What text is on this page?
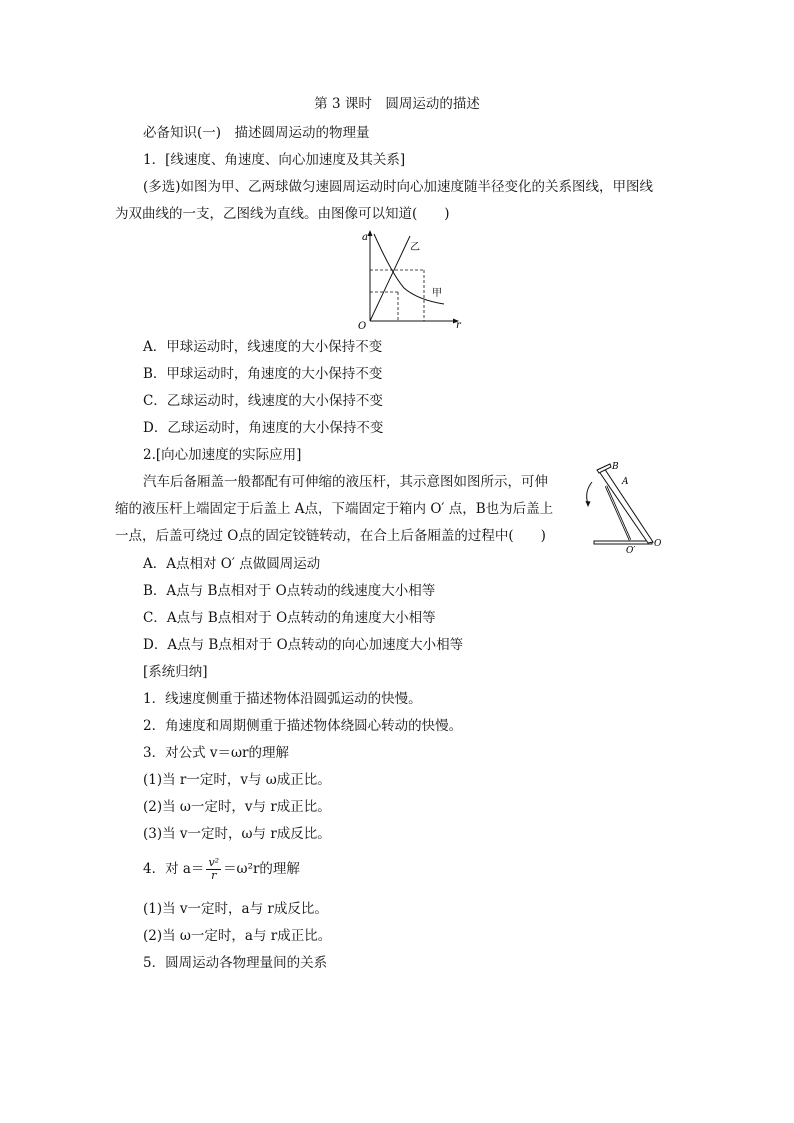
第 3 课时　圆周运动的描述
必备知识(一)　描述圆周运动的物理量
1．[线速度、角速度、向心加速度及其关系]
(多选)如图为甲、乙两球做匀速圆周运动时向心加速度随半径变化的关系图线，甲图线
为双曲线的一支，乙图线为直线。由图像可以知道(　　)
a
r
O
乙
甲
A．甲球运动时，线速度的大小保持不变
B．甲球运动时，角速度的大小保持不变
C．乙球运动时，线速度的大小保持不变
D．乙球运动时，角速度的大小保持不变
2.[向心加速度的实际应用]
汽车后备厢盖一般都配有可伸缩的液压杆，其示意图如图所示，可伸
缩的液压杆上端固定于后盖上 A点，下端固定于箱内 O′ 点，B也为后盖上
一点，后盖可绕过 O点的固定铰链转动，在合上后备厢盖的过程中(　　)
B
A
O′
O
A．A点相对 O′ 点做圆周运动
B．A点与 B点相对于 O点转动的线速度大小相等
C．A点与 B点相对于 O点转动的角速度大小相等
D．A点与 B点相对于 O点转动的向心加速度大小相等
[系统归纳]
1．线速度侧重于描述物体沿圆弧运动的快慢。
2．角速度和周期侧重于描述物体绕圆心转动的快慢。
3．对公式 v＝ωr的理解
(1)当 r一定时，v与 ω成正比。
(2)当 ω一定时，v与 r成正比。
(3)当 v一定时，ω与 r成反比。
4．对 $a= \frac{\text{v²}}{r} =\omega^2r$的理解
(1)当 v一定时，a与 r成反比。
(2)当 ω一定时，a与 r成正比。
5．圆周运动各物理量间的关系
